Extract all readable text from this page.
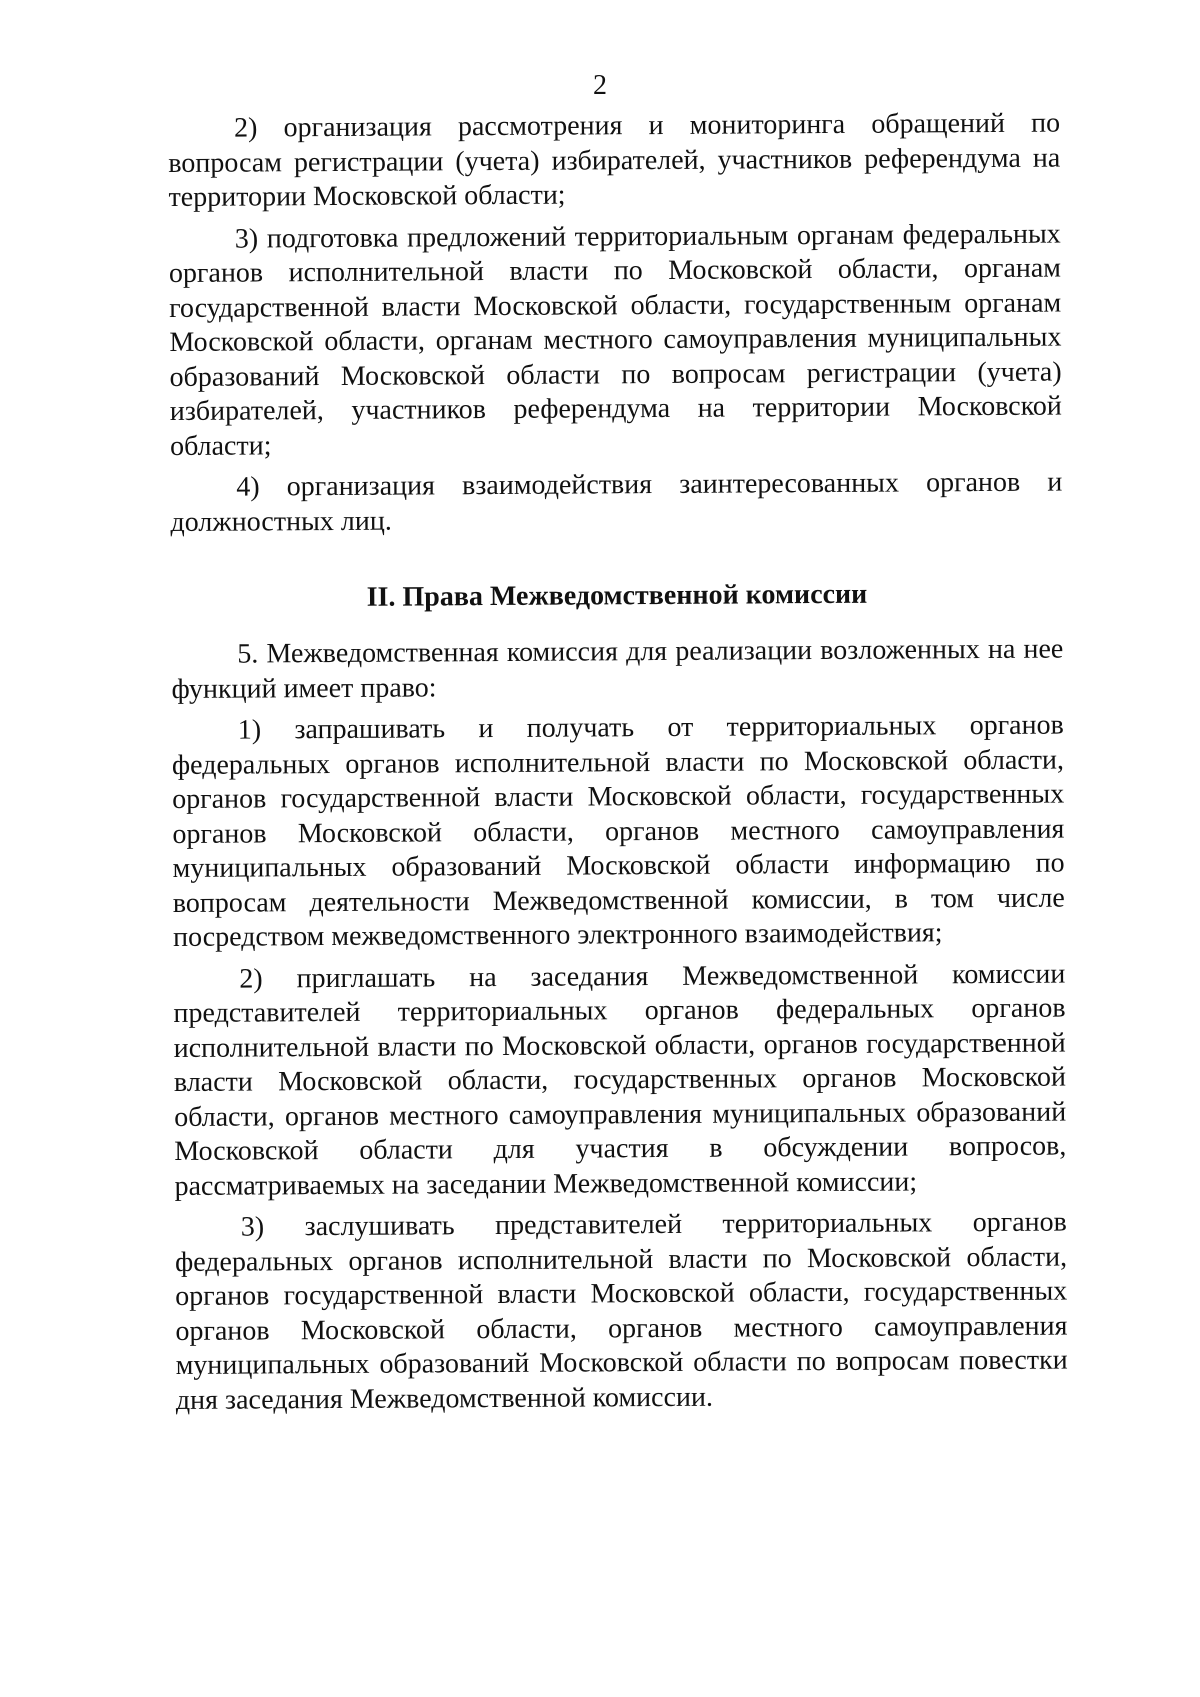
2

2) организация рассмотрения и мониторинга обращений по вопросам регистрации (учета) избирателей, участников референдума на территории Московской области;

3) подготовка предложений территориальным органам федеральных органов исполнительной власти по Московской области, органам государственной власти Московской области, государственным органам Московской области, органам местного самоуправления муниципальных образований Московской области по вопросам регистрации (учета) избирателей, участников референдума на территории Московской области;

4) организация взаимодействия заинтересованных органов и должностных лиц.

II. Права Межведомственной комиссии

5. Межведомственная комиссия для реализации возложенных на нее функций имеет право:

1) запрашивать и получать от территориальных органов федеральных органов исполнительной власти по Московской области, органов государственной власти Московской области, государственных органов Московской области, органов местного самоуправления муниципальных образований Московской области информацию по вопросам деятельности Межведомственной комиссии, в том числе посредством межведомственного электронного взаимодействия;

2) приглашать на заседания Межведомственной комиссии представителей территориальных органов федеральных органов исполнительной власти по Московской области, органов государственной власти Московской области, государственных органов Московской области, органов местного самоуправления муниципальных образований Московской области для участия в обсуждении вопросов, рассматриваемых на заседании Межведомственной комиссии;

3) заслушивать представителей территориальных органов федеральных органов исполнительной власти по Московской области, органов государственной власти Московской области, государственных органов Московской области, органов местного самоуправления муниципальных образований Московской области по вопросам повестки дня заседания Межведомственной комиссии.
